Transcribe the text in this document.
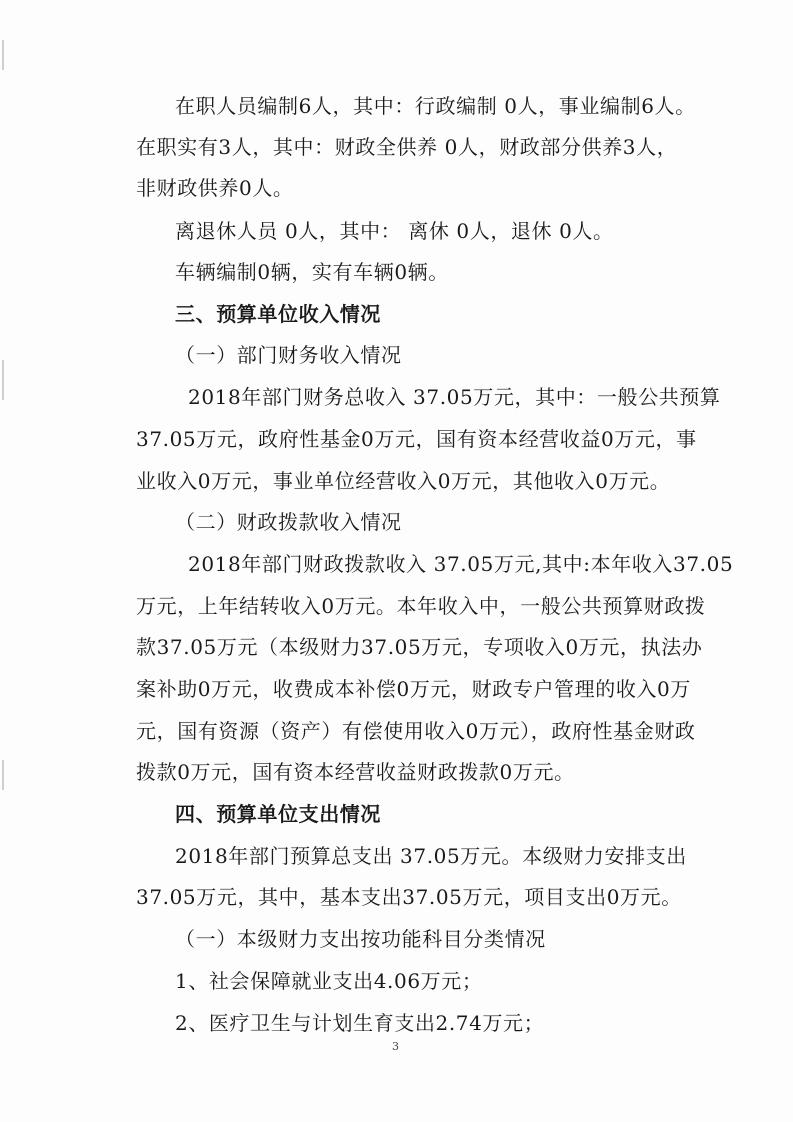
在职人员编制6人，其中：行政编制 0人，事业编制6人。
在职实有3人，其中：财政全供养 0人，财政部分供养3人，
非财政供养0人。
离退休人员 0人，其中： 离休 0人，退休 0人。
车辆编制0辆，实有车辆0辆。
三、预算单位收入情况
（一）部门财务收入情况
2018年部门财务总收入 37.05万元，其中：一般公共预算
37.05万元，政府性基金0万元，国有资本经营收益0万元，事
业收入0万元，事业单位经营收入0万元，其他收入0万元。
（二）财政拨款收入情况
2018年部门财政拨款收入 37.05万元,其中:本年收入37.05
万元，上年结转收入0万元。本年收入中，一般公共预算财政拨
款37.05万元（本级财力37.05万元，专项收入0万元，执法办
案补助0万元，收费成本补偿0万元，财政专户管理的收入0万
元，国有资源（资产）有偿使用收入0万元），政府性基金财政
拨款0万元，国有资本经营收益财政拨款0万元。
四、预算单位支出情况
2018年部门预算总支出 37.05万元。本级财力安排支出
37.05万元，其中，基本支出37.05万元，项目支出0万元。
（一）本级财力支出按功能科目分类情况
1、社会保障就业支出4.06万元；
2、医疗卫生与计划生育支出2.74万元；
3
